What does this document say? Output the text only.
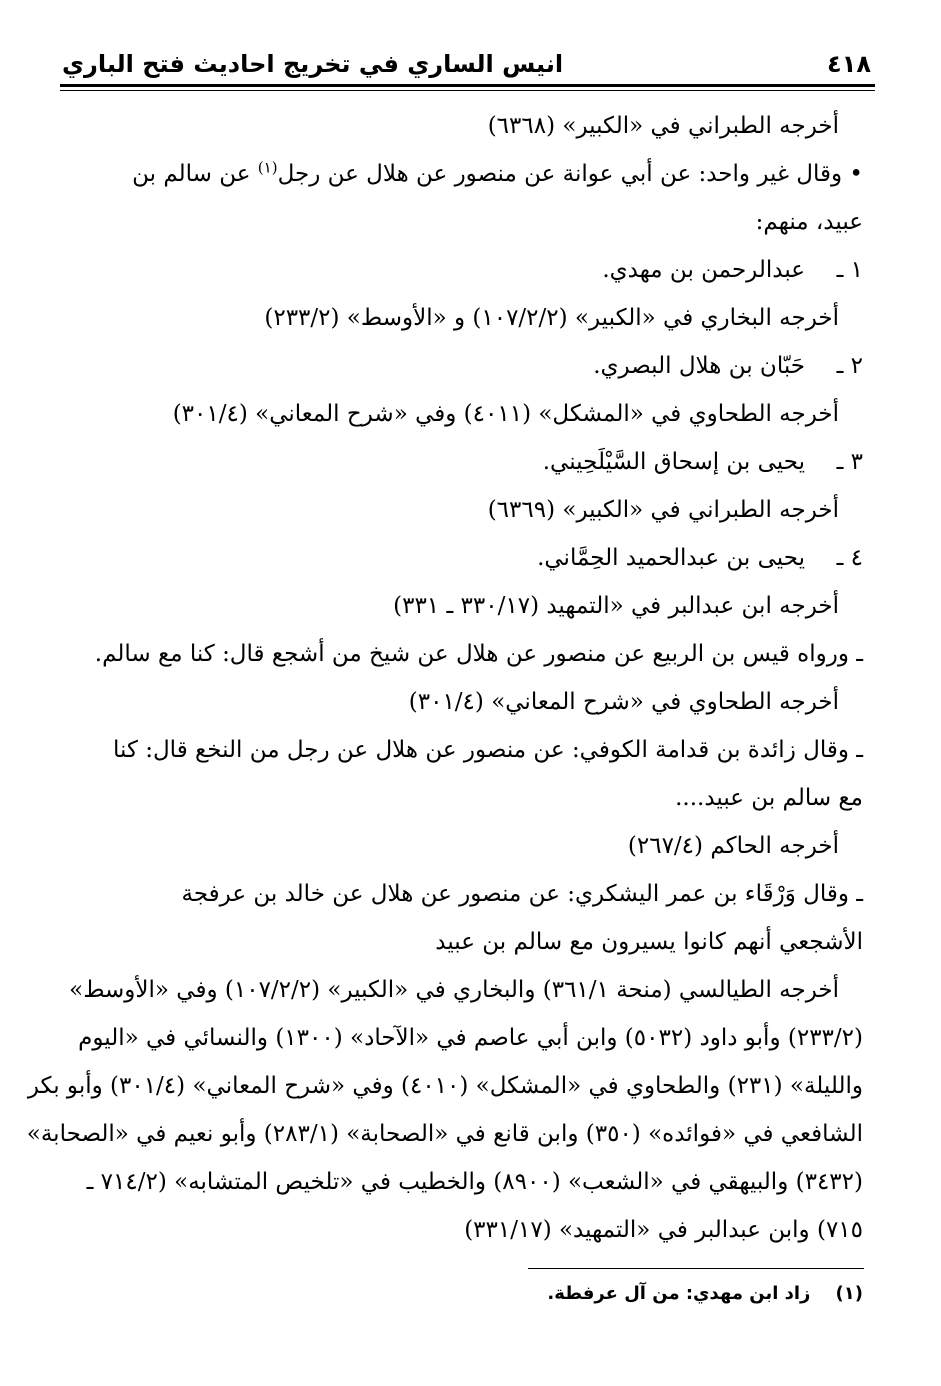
٤١٨
انيس الساري في تخريج احاديث فتح الباري
أخرجه الطبراني في «الكبير» (٦٣٦٨)
• وقال غير واحد: عن أبي عوانة عن منصور عن هلال عن رجل$^{(١)}$ عن سالم بن
عبيد، منهم:
١ ـ
عبدالرحمن بن مهدي.
أخرجه البخاري في «الكبير» (١٠٧/٢/٢) و «الأوسط» (٢٣٣/٢)
٢ ـ
حَبّان بن هلال البصري.
أخرجه الطحاوي في «المشكل» (٤٠١١) وفي «شرح المعاني» (٣٠١/٤)
٣ ـ
يحيى بن إسحاق السَّيْلَحِيني.
أخرجه الطبراني في «الكبير» (٦٣٦٩)
٤ ـ
يحيى بن عبدالحميد الحِمَّاني.
أخرجه ابن عبدالبر في «التمهيد (٣٣٠/١٧ ـ ٣٣١)
ـ ورواه قيس بن الربيع عن منصور عن هلال عن شيخ من أشجع قال: كنا مع سالم.
أخرجه الطحاوي في «شرح المعاني» (٣٠١/٤)
ـ وقال زائدة بن قدامة الكوفي: عن منصور عن هلال عن رجل من النخع قال: كنا
مع سالم بن عبيد....
أخرجه الحاكم (٢٦٧/٤)
ـ وقال وَرْقَاء بن عمر اليشكري: عن منصور عن هلال عن خالد بن عرفجة
الأشجعي أنهم كانوا يسيرون مع سالم بن عبيد
أخرجه الطيالسي (منحة ٣٦١/١) والبخاري في «الكبير» (١٠٧/٢/٢) وفي «الأوسط»
(٢٣٣/٢) وأبو داود (٥٠٣٢) وابن أبي عاصم في «الآحاد» (١٣٠٠) والنسائي في «اليوم
والليلة» (٢٣١) والطحاوي في «المشكل» (٤٠١٠) وفي «شرح المعاني» (٣٠١/٤) وأبو بكر
الشافعي في «فوائده» (٣٥٠) وابن قانع في «الصحابة» (٢٨٣/١) وأبو نعيم في «الصحابة»
(٣٤٣٢) والبيهقي في «الشعب» (٨٩٠٠) والخطيب في «تلخيص المتشابه» (٧١٤/٢ ـ
٧١٥) وابن عبدالبر في «التمهيد» (٣٣١/١٧)
(١)    زاد ابن مهدي: من آل عرفطة.
